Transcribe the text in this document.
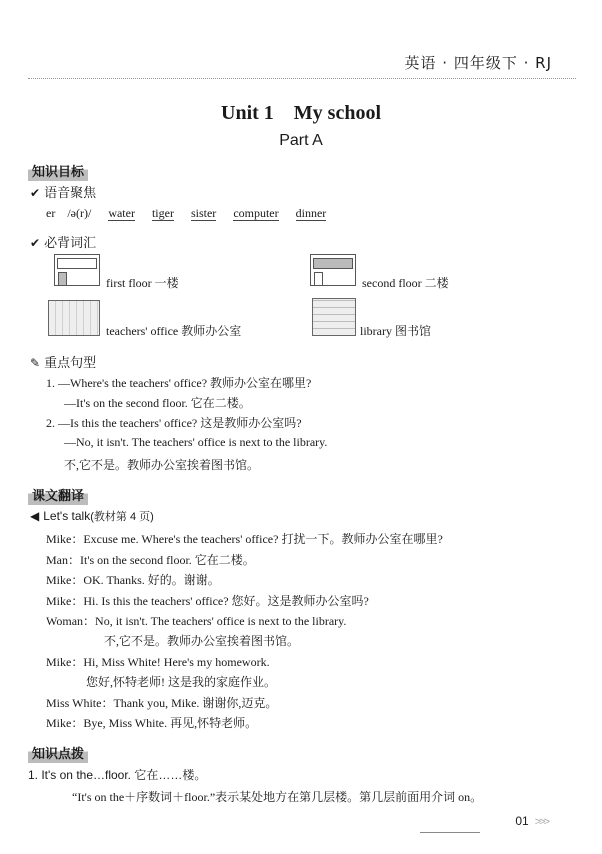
英语 · 四年级下 · RJ
Unit 1　My school
Part A
知识目标
✔ 语音聚焦
er　/ə(r)/ water tiger sister computer dinner
✔ 必背词汇
first floor 一楼	second floor 二楼
teachers' office 教师办公室	library 图书馆
✎ 重点句型
1. —Where's the teachers' office? 教师办公室在哪里?
—It's on the second floor. 它在二楼。
2. —Is this the teachers' office? 这是教师办公室吗?
—No, it isn't. The teachers' office is next to the library.
不,它不是。教师办公室挨着图书馆。
课文翻译
◀ Let's talk(教材第 4 页)
Mike：Excuse me. Where's the teachers' office? 打扰一下。教师办公室在哪里?
Man：It's on the second floor. 它在二楼。
Mike：OK. Thanks. 好的。谢谢。
Mike：Hi. Is this the teachers' office? 您好。这是教师办公室吗?
Woman：No, it isn't. The teachers' office is next to the library.
不,它不是。教师办公室挨着图书馆。
Mike：Hi, Miss White! Here's my homework.
您好,怀特老师! 这是我的家庭作业。
Miss White：Thank you, Mike. 谢谢你,迈克。
Mike：Bye, Miss White. 再见,怀特老师。
知识点拨
1. It's on the…floor. 它在……楼。
“It's on the＋序数词＋floor.”表示某处地方在第几层楼。第几层前面用介词 on。
01 >>>
